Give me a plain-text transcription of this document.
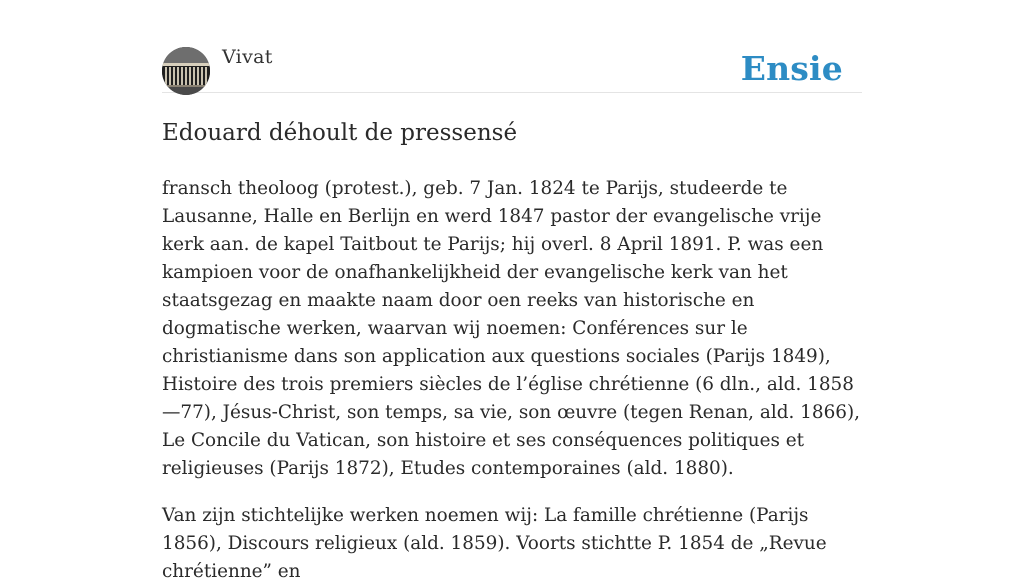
Vivat	Ensie
Edouard déhoult de pressensé

fransch theoloog (protest.), geb. 7 Jan. 1824 te Parijs, studeerde te Lausanne, Halle en Berlijn en werd 1847 pastor der evangelische vrije kerk aan. de kapel Taitbout te Parijs; hij overl. 8 April 1891. P. was een kampioen voor de onafhankelijkheid der evangelische kerk van het staatsgezag en maakte naam door oen reeks van historische en dogmatische werken, waarvan wij noemen: Conférences sur le christianisme dans son application aux questions sociales (Parijs 1849), Histoire des trois premiers siècles de l’église chrétienne (6 dln., ald. 1858—77), Jésus-Christ, son temps, sa vie, son œuvre (tegen Renan, ald. 1866), Le Concile du Vatican, son histoire et ses conséquences politiques et religieuses (Parijs 1872), Etudes contemporaines (ald. 1880).

Van zijn stichtelijke werken noemen wij: La famille chrétienne (Parijs 1856), Discours religieux (ald. 1859). Voorts stichtte P. 1854 de „Revue chrétienne” en
